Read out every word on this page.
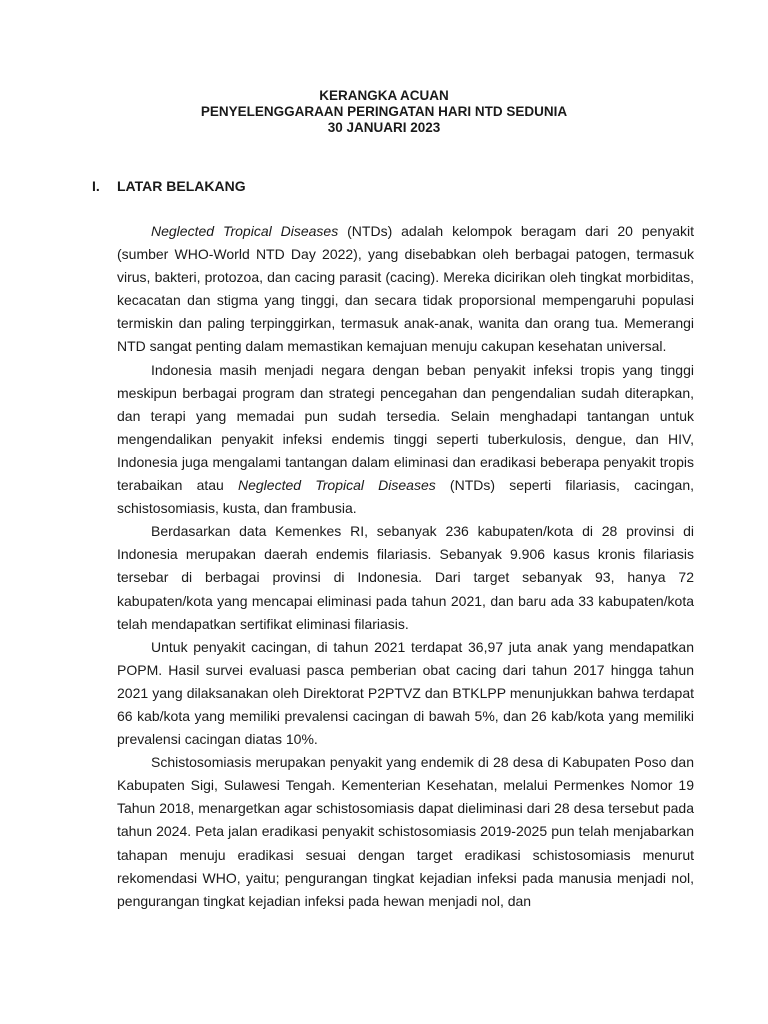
KERANGKA ACUAN
PENYELENGGARAAN PERINGATAN HARI NTD SEDUNIA
30 JANUARI 2023
I.	LATAR BELAKANG

Neglected Tropical Diseases (NTDs) adalah kelompok beragam dari 20 penyakit (sumber WHO-World NTD Day 2022), yang disebabkan oleh berbagai patogen, termasuk virus, bakteri, protozoa, dan cacing parasit (cacing). Mereka dicirikan oleh tingkat morbiditas, kecacatan dan stigma yang tinggi, dan secara tidak proporsional mempengaruhi populasi termiskin dan paling terpinggirkan, termasuk anak-anak, wanita dan orang tua. Memerangi NTD sangat penting dalam memastikan kemajuan menuju cakupan kesehatan universal.

Indonesia masih menjadi negara dengan beban penyakit infeksi tropis yang tinggi meskipun berbagai program dan strategi pencegahan dan pengendalian sudah diterapkan, dan terapi yang memadai pun sudah tersedia. Selain menghadapi tantangan untuk mengendalikan penyakit infeksi endemis tinggi seperti tuberkulosis, dengue, dan HIV, Indonesia juga mengalami tantangan dalam eliminasi dan eradikasi beberapa penyakit tropis terabaikan atau Neglected Tropical Diseases (NTDs) seperti filariasis, cacingan, schistosomiasis, kusta, dan frambusia.

Berdasarkan data Kemenkes RI, sebanyak 236 kabupaten/kota di 28 provinsi di Indonesia merupakan daerah endemis filariasis. Sebanyak 9.906 kasus kronis filariasis tersebar di berbagai provinsi di Indonesia. Dari target sebanyak 93, hanya 72 kabupaten/kota yang mencapai eliminasi pada tahun 2021, dan baru ada 33 kabupaten/kota telah mendapatkan sertifikat eliminasi filariasis.

Untuk penyakit cacingan, di tahun 2021 terdapat 36,97 juta anak yang mendapatkan POPM. Hasil survei evaluasi pasca pemberian obat cacing dari tahun 2017 hingga tahun 2021 yang dilaksanakan oleh Direktorat P2PTVZ dan BTKLPP menunjukkan bahwa terdapat 66 kab/kota yang memiliki prevalensi cacingan di bawah 5%, dan 26 kab/kota yang memiliki prevalensi cacingan diatas 10%.

Schistosomiasis merupakan penyakit yang endemik di 28 desa di Kabupaten Poso dan Kabupaten Sigi, Sulawesi Tengah. Kementerian Kesehatan, melalui Permenkes Nomor 19 Tahun 2018, menargetkan agar schistosomiasis dapat dieliminasi dari 28 desa tersebut pada tahun 2024. Peta jalan eradikasi penyakit schistosomiasis 2019-2025 pun telah menjabarkan tahapan menuju eradikasi sesuai dengan target eradikasi schistosomiasis menurut rekomendasi WHO, yaitu; pengurangan tingkat kejadian infeksi pada manusia menjadi nol, pengurangan tingkat kejadian infeksi pada hewan menjadi nol, dan
